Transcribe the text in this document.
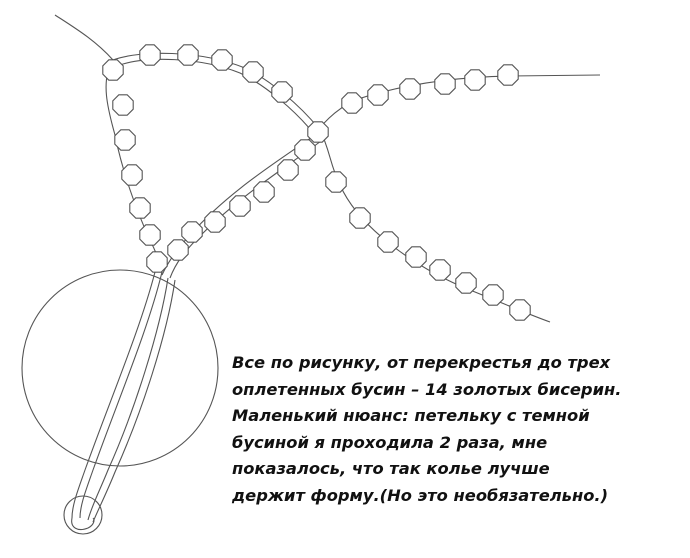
Все по рисунку, от перекрестья до трех
оплетенных бусин – 14 золотых бисерин.
Маленький нюанс: петельку с темной
бусиной я проходила 2 раза, мне
показалось, что так колье лучше
держит форму.(Но это необязательно.)
